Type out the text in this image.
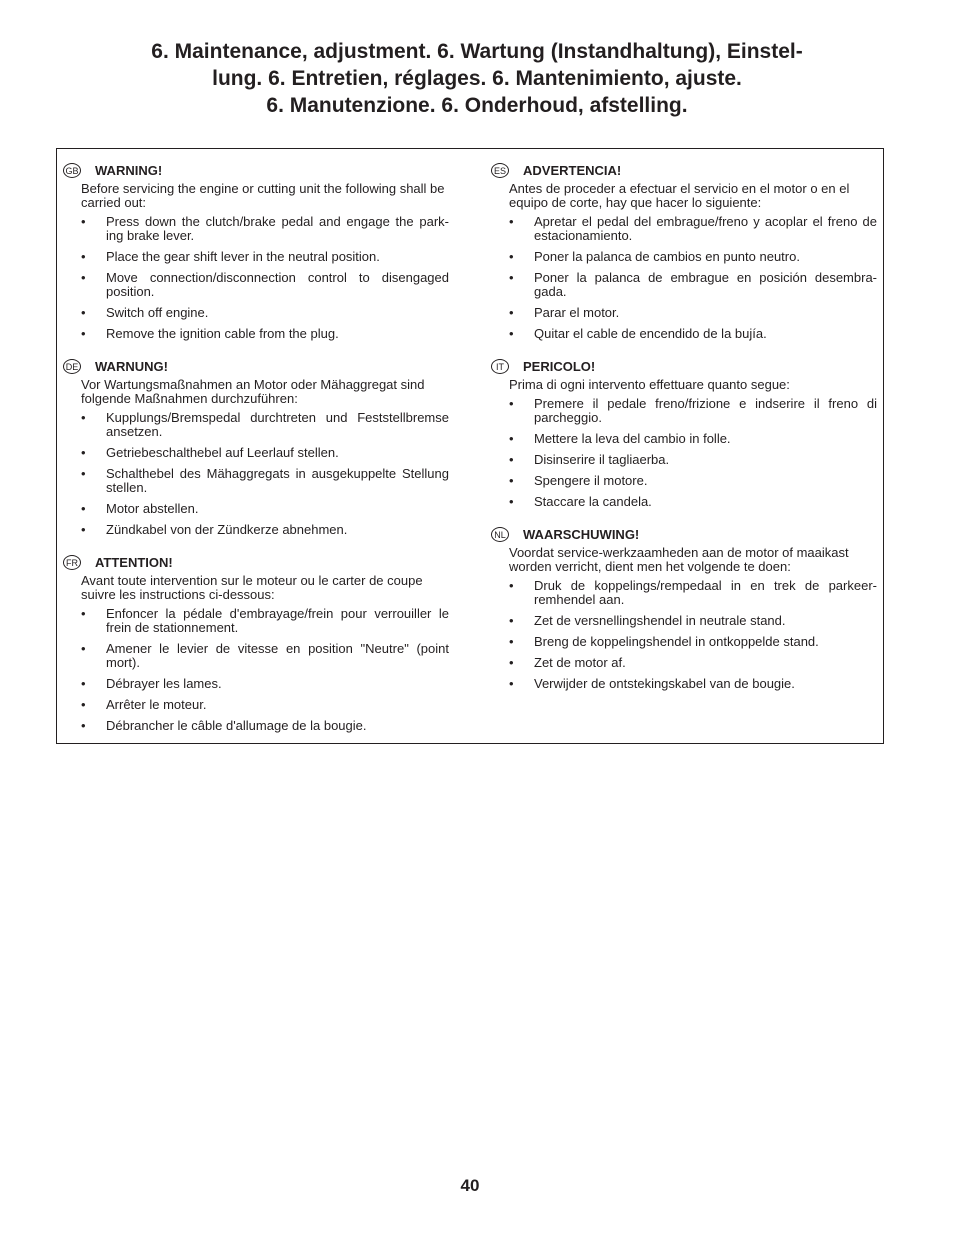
6. Maintenance, adjustment. 6. Wartung (Instandhaltung), Einstel-
lung. 6. Entretien, réglages. 6. Mantenimiento, ajuste.
6. Manutenzione. 6. Onderhoud, afstelling.
GB WARNING!
Before servicing the engine or cutting unit the following shall be carried out:
• Press down the clutch/brake pedal and engage the park-ing brake lever.
• Place the gear shift lever in the neutral position.
• Move connection/disconnection control to disengaged position.
• Switch off engine.
• Remove the ignition cable from the plug.
DE WARNUNG!
Vor Wartungsmaßnahmen an Motor oder Mähaggregat sind folgende Maßnahmen durchzuführen:
• Kupplungs/Bremspedal durchtreten und Feststellbremse ansetzen.
• Getriebeschalthebel auf Leerlauf stellen.
• Schalthebel des Mähaggregats in ausgekuppelte Stellung stellen.
• Motor abstellen.
• Zündkabel von der Zündkerze abnehmen.
FR ATTENTION!
Avant toute intervention sur le moteur ou le carter de coupe suivre les instructions ci-dessous:
• Enfoncer la pédale d'embrayage/frein pour verrouiller le frein de stationnement.
• Amener le levier de vitesse en position "Neutre" (point mort).
• Débrayer les lames.
• Arrêter le moteur.
• Débrancher le câble d'allumage de la bougie.
ES ADVERTENCIA!
Antes de proceder a efectuar el servicio en el motor o en el equipo de corte, hay que hacer lo siguiente:
• Apretar el pedal del embrague/freno y acoplar el freno de estacionamiento.
• Poner la palanca de cambios en punto neutro.
• Poner la palanca de embrague en posición desembra-gada.
• Parar el motor.
• Quitar el cable de encendido de la bujía.
IT	PERICOLO!
Prima di ogni intervento effettuare quanto segue:
• Premere il pedale freno/frizione e indserire il freno di parcheggio.
• Mettere la leva del cambio in folle.
• Disinserire il tagliaerba.
• Spengere il motore.
• Staccare la candela.
NL WAARSCHUWING!
Voordat service-werkzaamheden aan de motor of maaikast worden verricht, dient men het volgende te doen:
• Druk de koppelings/rempedaal in en trek de parkeer-remhendel aan.
• Zet de versnellingshendel in neutrale stand.
• Breng de koppelingshendel in ontkoppelde stand.
• Zet de motor af.
• Verwijder de ontstekingskabel van de bougie.
40
